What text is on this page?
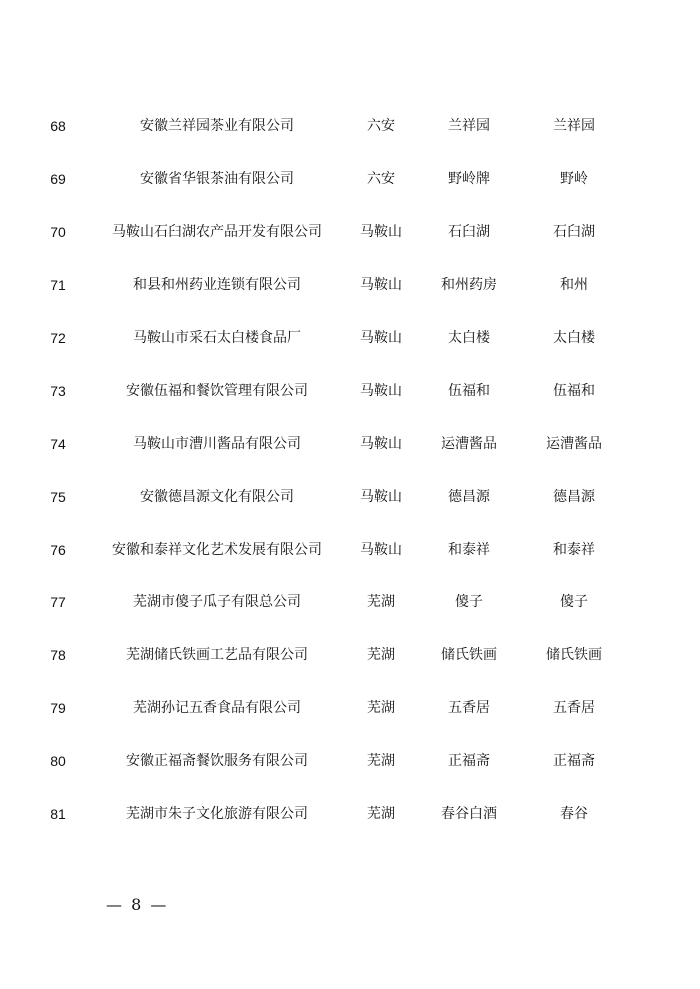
68	安徽兰祥园茶业有限公司	六安	兰祥园	兰祥园
69	安徽省华银茶油有限公司	六安	野岭牌	野岭
70	马鞍山石臼湖农产品开发有限公司	马鞍山	石臼湖	石臼湖
71	和县和州药业连锁有限公司	马鞍山	和州药房	和州
72	马鞍山市采石太白楼食品厂	马鞍山	太白楼	太白楼
73	安徽伍福和餐饮管理有限公司	马鞍山	伍福和	伍福和
74	马鞍山市漕川酱品有限公司	马鞍山	运漕酱品	运漕酱品
75	安徽德昌源文化有限公司	马鞍山	德昌源	德昌源
76	安徽和泰祥文化艺术发展有限公司	马鞍山	和泰祥	和泰祥
77	芜湖市傻子瓜子有限总公司	芜湖	傻子	傻子
78	芜湖储氏铁画工艺品有限公司	芜湖	储氏铁画	储氏铁画
79	芜湖孙记五香食品有限公司	芜湖	五香居	五香居
80	安徽正福斋餐饮服务有限公司	芜湖	正福斋	正福斋
81	芜湖市朱子文化旅游有限公司	芜湖	春谷白酒	春谷
— 8 —
